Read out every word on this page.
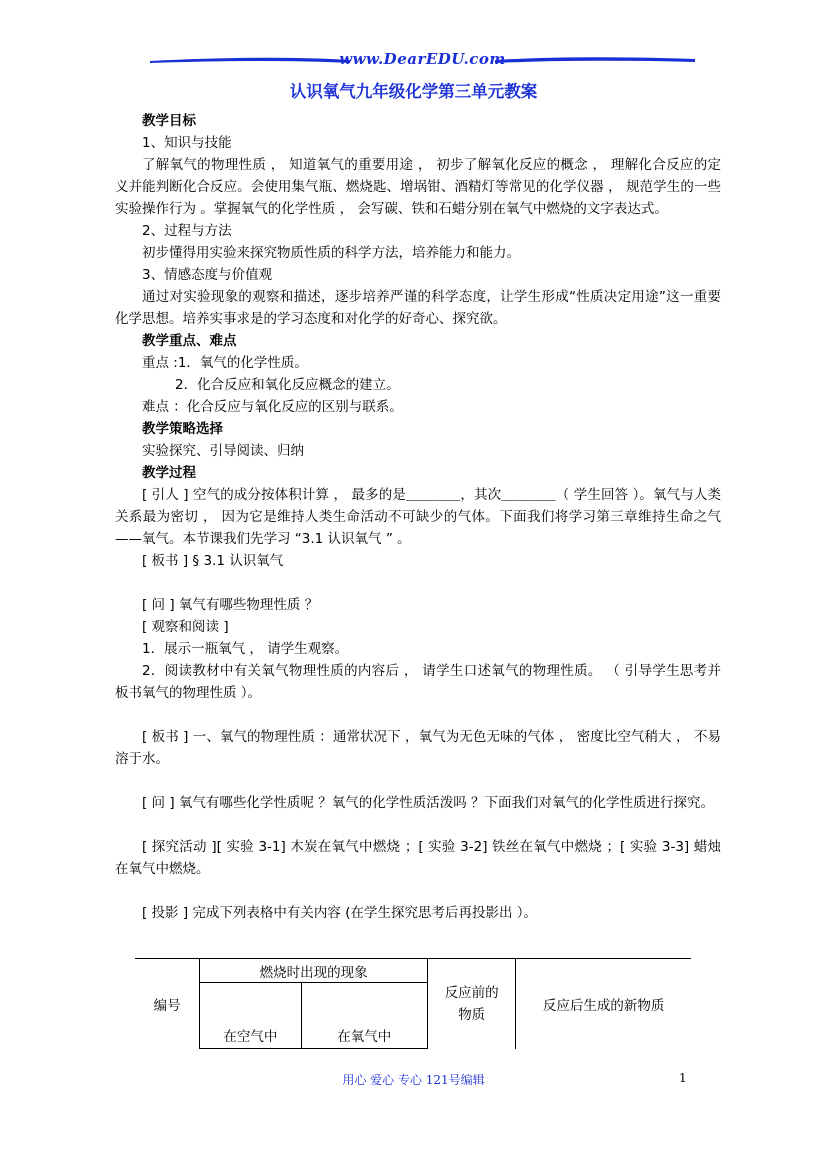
www.DearEDU.com
认识氧气九年级化学第三单元教案

教学目标

1、知识与技能

了解氧气的物理性质 ， 知道氧气的重要用途 ， 初步了解氧化反应的概念 ， 理解化合反应的定义并能判断化合反应。会使用集气瓶、燃烧匙、增埚钳、酒精灯等常见的化学仪器 ， 规范学生的一些实验操作行为 。掌握氧气的化学性质 ， 会写碳、铁和石蜡分别在氧气中燃烧的文字表达式。

2、过程与方法

初步懂得用实验来探究物质性质的科学方法，培养能力和能力。

3、情感态度与价值观

通过对实验现象的观察和描述，逐步培养严谨的科学态度，让学生形成“性质决定用途”这一重要化学思想。培养实事求是的学习态度和对化学的好奇心、探究欲。

教学重点、难点

重点 :1．氧气的化学性质。

2．化合反应和氧化反应概念的建立。

难点 ：化合反应与氧化反应的区别与联系。

教学策略选择

实验探究、引导阅读、归纳

教学过程

[ 引人 ] 空气的成分按体积计算 ， 最多的是＿＿＿＿，其次＿＿＿＿（ 学生回答 ）。氧气与人类关系最为密切 ， 因为它是维持人类生命活动不可缺少的气体。下面我们将学习第三章维持生命之气——氧气。本节课我们先学习 “3.1 认识氧气 ” 。

[ 板书 ] § 3.1 认识氧气

[ 问 ] 氧气有哪些物理性质 ？

[ 观察和阅读 ]

1．展示一瓶氧气 ， 请学生观察。

2．阅读教材中有关氧气物理性质的内容后 ， 请学生口述氧气的物理性质。 （ 引导学生思考并板书氧气的物理性质 ）。

[ 板书 ] 一、氧气的物理性质 ：通常状况下 ，氧气为无色无味的气体 ， 密度比空气稍大 ， 不易溶于水。

[ 问 ] 氧气有哪些化学性质呢 ？氧气的化学性质活泼吗 ？下面我们对氧气的化学性质进行探究。

[ 探究活动 ][ 实验 3-1] 木炭在氧气中燃烧 ；[ 实验 3-2] 铁丝在氧气中燃烧 ；[ 实验 3-3] 蜡烛在氧气中燃烧。

[ 投影 ] 完成下列表格中有关内容 (在学生探究思考后再投影出 ）。

编号	燃烧时出现的现象		反应前的物质	反应后生成的新物质

	在空气中	在氧气中		
用心 爱心 专心 121号编辑	1
